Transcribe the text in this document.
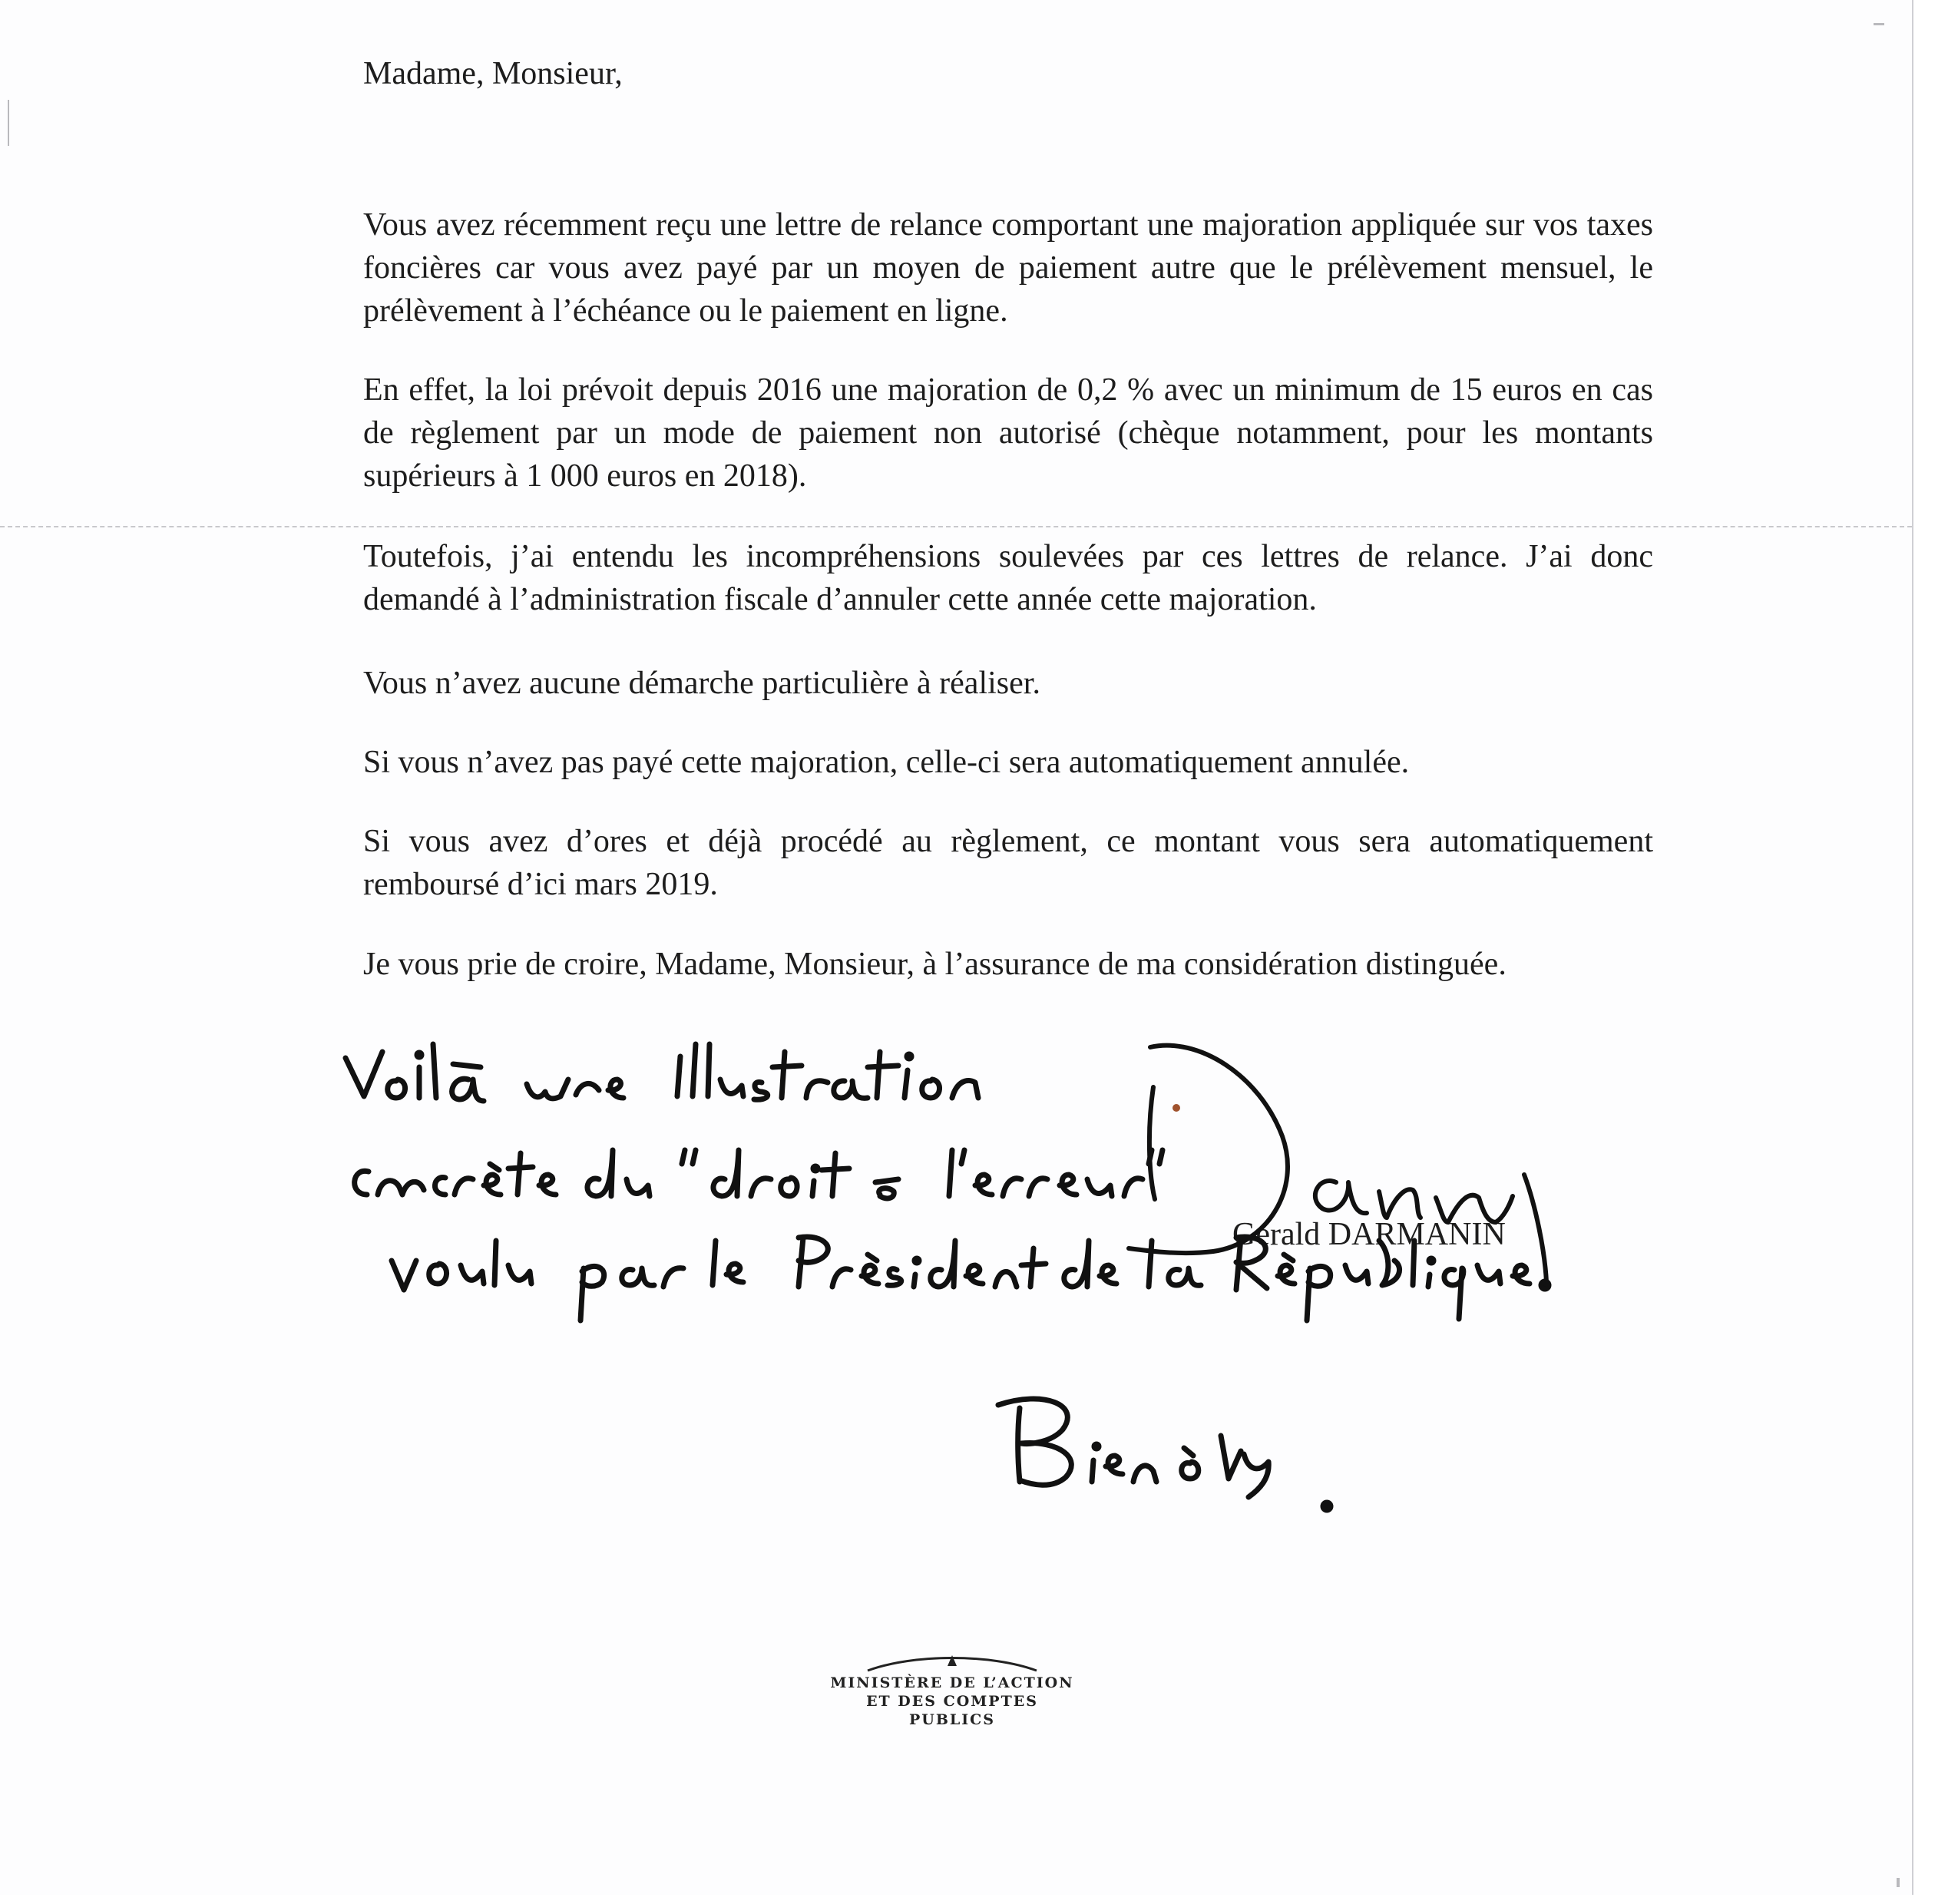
Madame, Monsieur,

Vous avez récemment reçu une lettre de relance comportant une majoration appliquée sur vos taxes foncières car vous avez payé par un moyen de paiement autre que le prélèvement mensuel, le prélèvement à l’échéance ou le paiement en ligne.

En effet, la loi prévoit depuis 2016 une majoration de 0,2 % avec un minimum de 15 euros en cas de règlement par un mode de paiement non autorisé (chèque notamment, pour les montants supérieurs à 1 000 euros en 2018).

Toutefois, j’ai entendu les incompréhensions soulevées par ces lettres de relance. J’ai donc demandé à l’administration fiscale d’annuler cette année cette majoration.

Vous n’avez aucune démarche particulière à réaliser.

Si vous n’avez pas payé cette majoration, celle-ci sera automatiquement annulée.

Si vous avez d’ores et déjà procédé au règlement, ce montant vous sera automatiquement remboursé d’ici mars 2019.

Je vous prie de croire, Madame, Monsieur, à l’assurance de ma considération distinguée.

Gérald DARMANIN
MINISTÈRE DE L’ACTION
ET DES COMPTES PUBLICS
